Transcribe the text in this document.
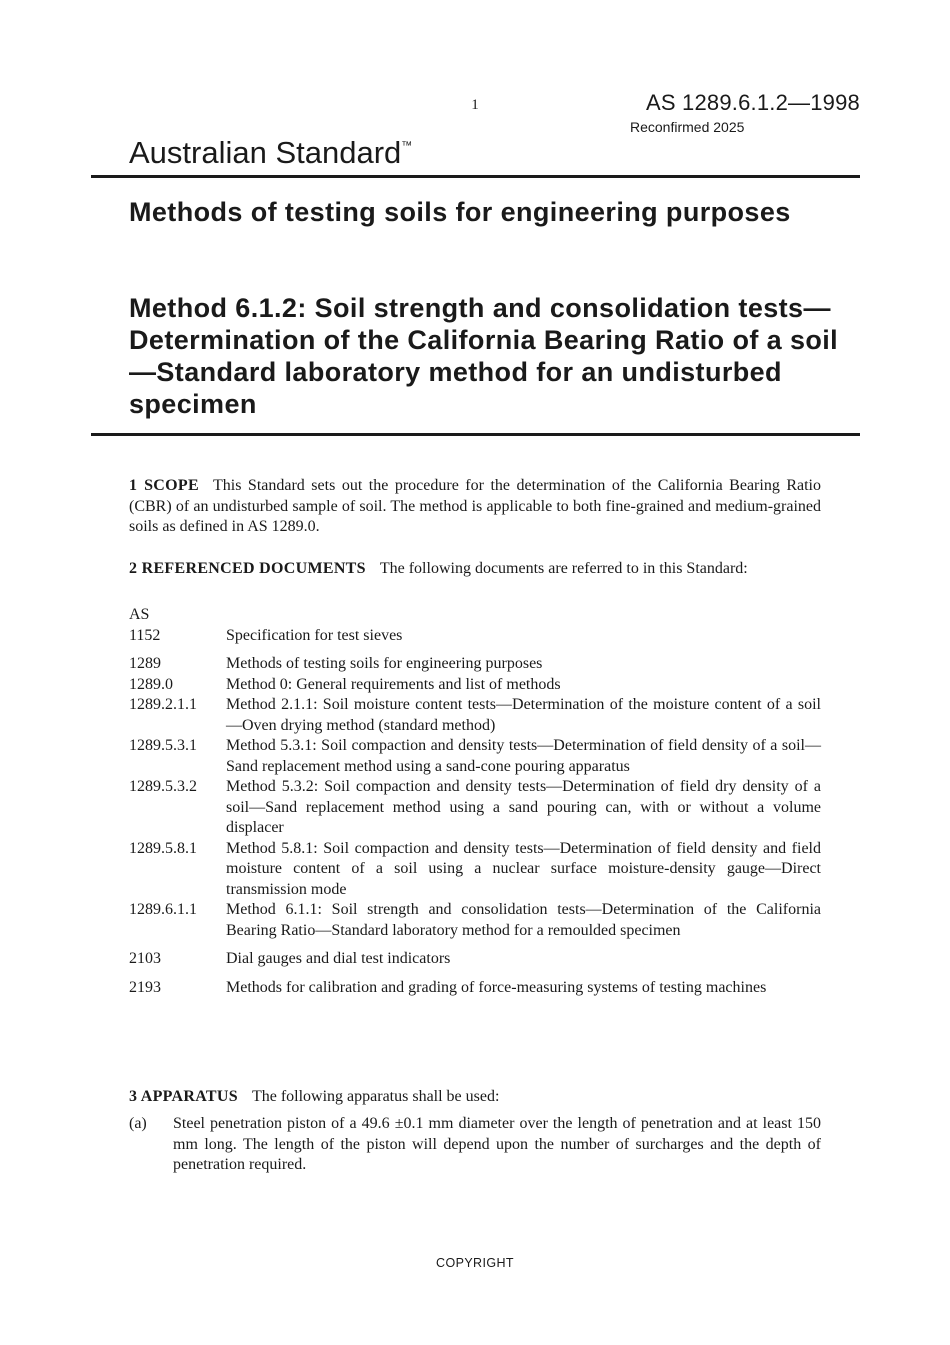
1	AS 1289.6.1.2—1998
Reconfirmed 2025
Australian Standard™
Methods of testing soils for engineering purposes
Method 6.1.2: Soil strength and consolidation tests—Determination of the California Bearing Ratio of a soil—Standard laboratory method for an undisturbed specimen
1 SCOPE This Standard sets out the procedure for the determination of the California Bearing Ratio (CBR) of an undisturbed sample of soil. The method is applicable to both fine-grained and medium-grained soils as defined in AS 1289.0.
2 REFERENCED DOCUMENTS The following documents are referred to in this Standard:
AS
1152	Specification for test sieves
1289	Methods of testing soils for engineering purposes
1289.0	Method 0: General requirements and list of methods
1289.2.1.1	Method 2.1.1: Soil moisture content tests—Determination of the moisture content of a soil—Oven drying method (standard method)
1289.5.3.1	Method 5.3.1: Soil compaction and density tests—Determination of field density of a soil—Sand replacement method using a sand-cone pouring apparatus
1289.5.3.2	Method 5.3.2: Soil compaction and density tests—Determination of field dry density of a soil—Sand replacement method using a sand pouring can, with or without a volume displacer
1289.5.8.1	Method 5.8.1: Soil compaction and density tests—Determination of field density and field moisture content of a soil using a nuclear surface moisture-density gauge—Direct transmission mode
1289.6.1.1	Method 6.1.1: Soil strength and consolidation tests—Determination of the California Bearing Ratio—Standard laboratory method for a remoulded specimen
2103	Dial gauges and dial test indicators
2193	Methods for calibration and grading of force-measuring systems of testing machines
3 APPARATUS The following apparatus shall be used:
(a)	Steel penetration piston of a 49.6 ±0.1 mm diameter over the length of penetration and at least 150 mm long. The length of the piston will depend upon the number of surcharges and the depth of penetration required.
COPYRIGHT
